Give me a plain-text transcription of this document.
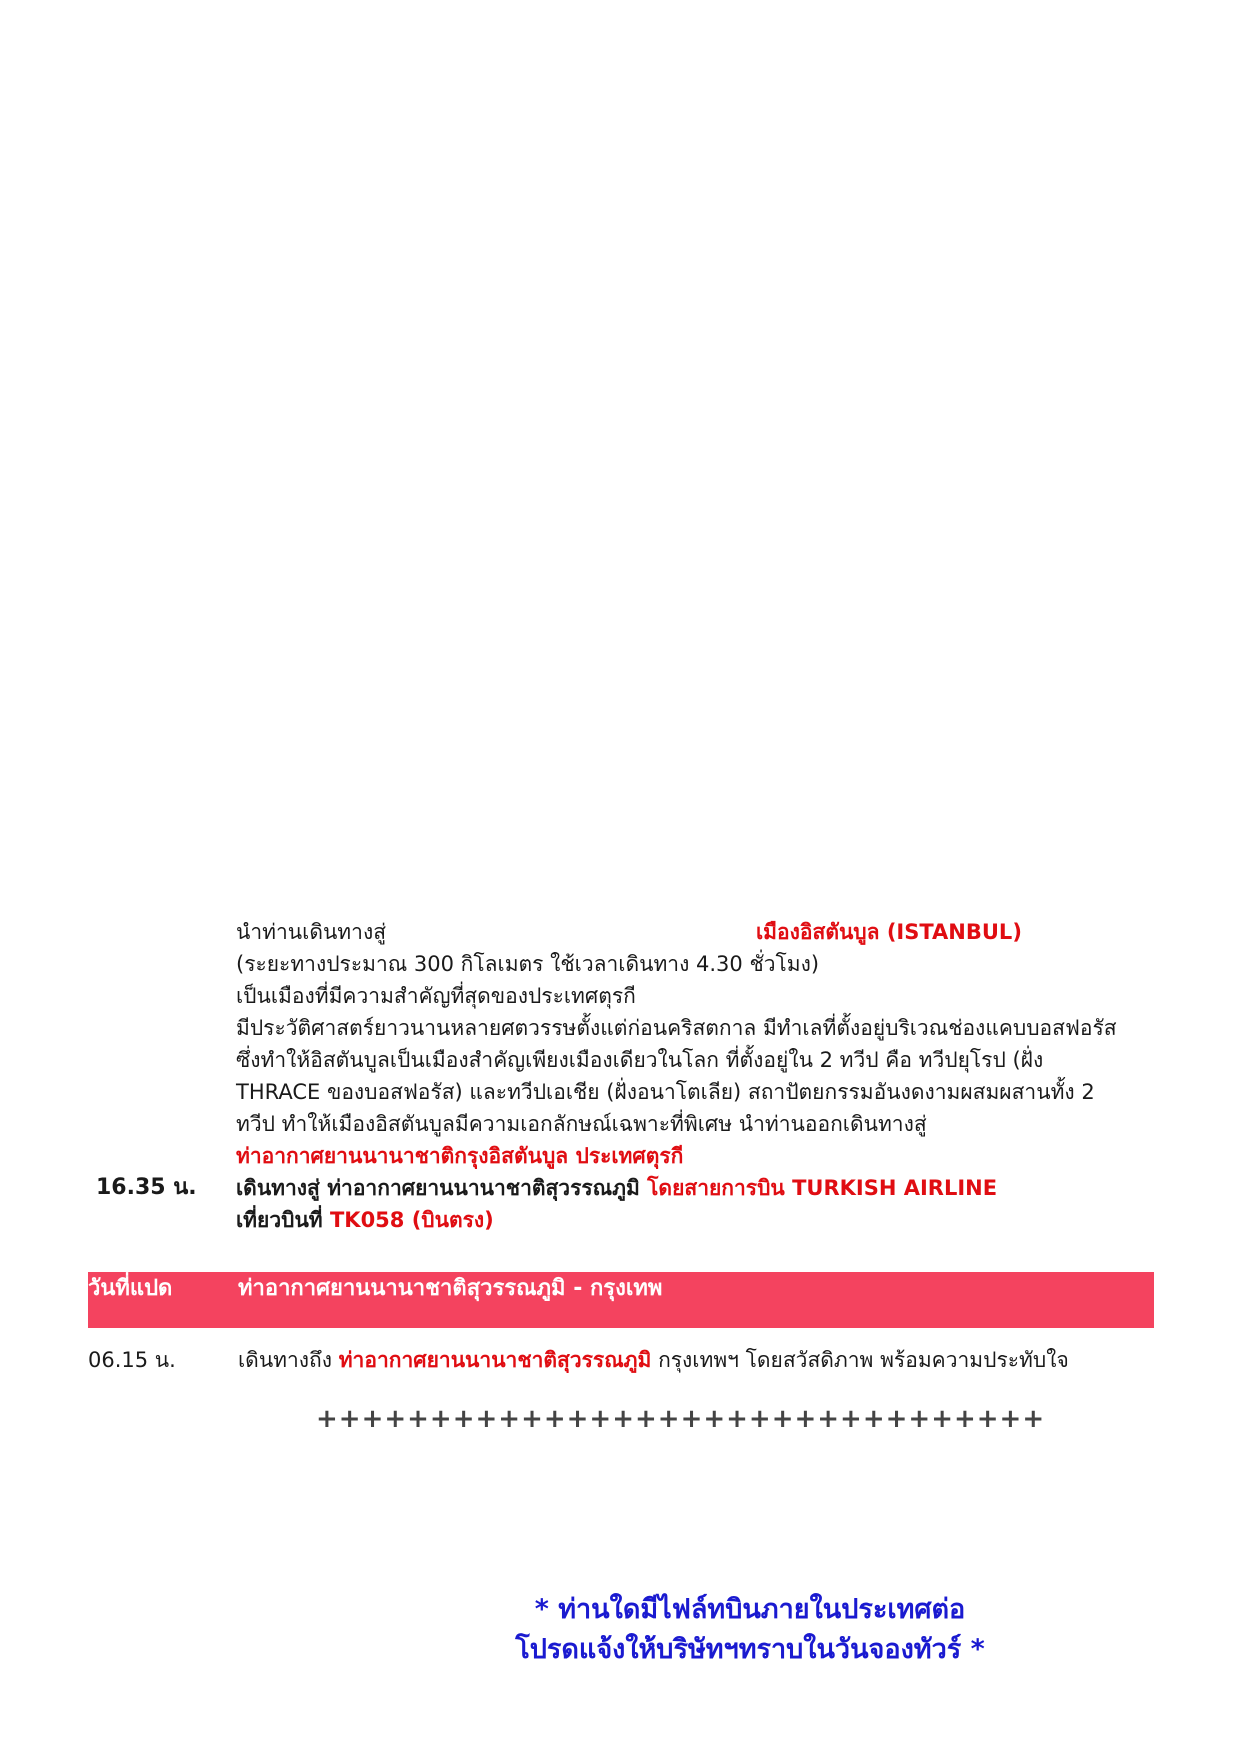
นำท่านเดินทางสู่	เมืองอิสตันบูล (ISTANBUL)
(ระยะทางประมาณ 300 กิโลเมตร ใช้เวลาเดินทาง 4.30 ชั่วโมง)
เป็นเมืองที่มีความสำคัญที่สุดของประเทศตุรกี
มีประวัติศาสตร์ยาวนานหลายศตวรรษตั้งแต่ก่อนคริสตกาล มีทำเลที่ตั้งอยู่บริเวณช่องแคบบอสฟอรัส
ซึ่งทำให้อิสตันบูลเป็นเมืองสำคัญเพียงเมืองเดียวในโลก ที่ตั้งอยู่ใน 2 ทวีป คือ ทวีปยุโรป (ฝั่ง
THRACE ของบอสฟอรัส) และทวีปเอเชีย (ฝั่งอนาโตเลีย) สถาปัตยกรรมอันงดงามผสมผสานทั้ง 2
ทวีป ทำให้เมืองอิสตันบูลมีความเอกลักษณ์เฉพาะที่พิเศษ นำท่านออกเดินทางสู่
ท่าอากาศยานนานาชาติกรุงอิสตันบูล ประเทศตุรกี
16.35 น. เดินทางสู่ ท่าอากาศยานนานาชาติสุวรรณภูมิ โดยสายการบิน TURKISH AIRLINE
เที่ยวบินที่ TK058 (บินตรง)
วันที่แปด	ท่าอากาศยานนานาชาติสุวรรณภูมิ - กรุงเทพ
06.15 น.	เดินทางถึง ท่าอากาศยานนานาชาติสุวรรณภูมิ กรุงเทพฯ โดยสวัสดิภาพ พร้อมความประทับใจ
++++++++++++++++++++++++++++++++
* ท่านใดมีไฟล์ทบินภายในประเทศต่อ
โปรดแจ้งให้บริษัทฯทราบในวันจองทัวร์ *
